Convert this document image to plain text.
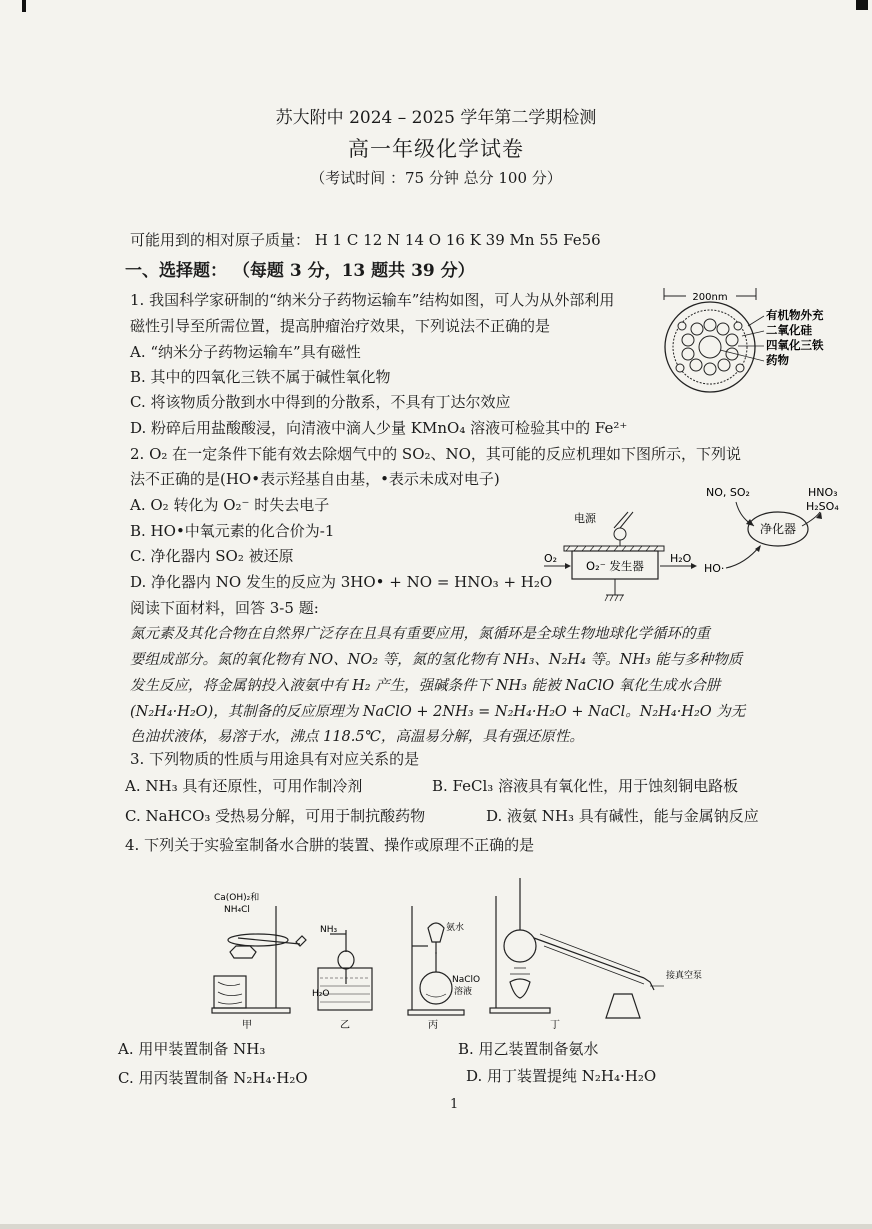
苏大附中 2024 – 2025 学年第二学期检测
高一年级化学试卷
（考试时间 ：75 分钟 总分 100 分）
可能用到的相对原子质量： H 1 C 12 N 14 O 16 K 39 Mn 55 Fe56
一、选择题： （每题 3 分，13 题共 39 分）
1. 我国科学家研制的“纳米分子药物运输车”结构如图，可人为从外部利用
磁性引导至所需位置，提高肿瘤治疗效果，下列说法不正确的是
A. “纳米分子药物运输车”具有磁性
B. 其中的四氧化三铁不属于碱性氧化物
C. 将该物质分散到水中得到的分散系，不具有丁达尔效应
D. 粉碎后用盐酸酸浸，向清液中滴人少量 KMnO₄ 溶液可检验其中的 Fe²⁺
200nm
有机物外充
二氧化硅
四氧化三铁
药物
2. O₂ 在一定条件下能有效去除烟气中的 SO₂、NO，其可能的反应机理如下图所示，下列说
法不正确的是(HO•表示羟基自由基，•表示未成对电子)
A. O₂ 转化为 O₂⁻ 时失去电子
B. HO•中氧元素的化合价为-1
C. 净化器内 SO₂ 被还原
D. 净化器内 NO 发生的反应为 3HO• + NO = HNO₃ + H₂O
NO, SO₂	HNO₃
H₂SO₄
净化器
电源
O₂⁻ 发生器
O₂	H₂O
HO·
阅读下面材料，回答 3-5 题:
氮元素及其化合物在自然界广泛存在且具有重要应用，氮循环是全球生物地球化学循环的重
要组成部分。氮的氧化物有 NO、NO₂ 等，氮的氢化物有 NH₃、N₂H₄ 等。NH₃ 能与多种物质
发生反应，将金属钠投入液氨中有 H₂ 产生，强碱条件下 NH₃ 能被 NaClO 氧化生成水合肼
(N₂H₄·H₂O)，其制备的反应原理为 NaClO + 2NH₃ = N₂H₄·H₂O + NaCl。N₂H₄·H₂O 为无
色油状液体，易溶于水，沸点 118.5℃，高温易分解，具有强还原性。
3. 下列物质的性质与用途具有对应关系的是
A. NH₃ 具有还原性，可用作制冷剂	B. FeCl₃ 溶液具有氧化性，用于蚀刻铜电路板
C. NaHCO₃ 受热易分解，可用于制抗酸药物	D. 液氨 NH₃ 具有碱性，能与金属钠反应
4. 下列关于实验室制备水合肼的装置、操作或原理不正确的是
Ca(OH)₂和
NH₄Cl
NH₃
H₂O
氨水
NaClO
溶液
接真空泵
甲	乙	丙	丁
A. 用甲装置制备 NH₃	B. 用乙装置制备氨水
C. 用丙装置制备 N₂H₄·H₂O	D. 用丁装置提纯 N₂H₄·H₂O
1
